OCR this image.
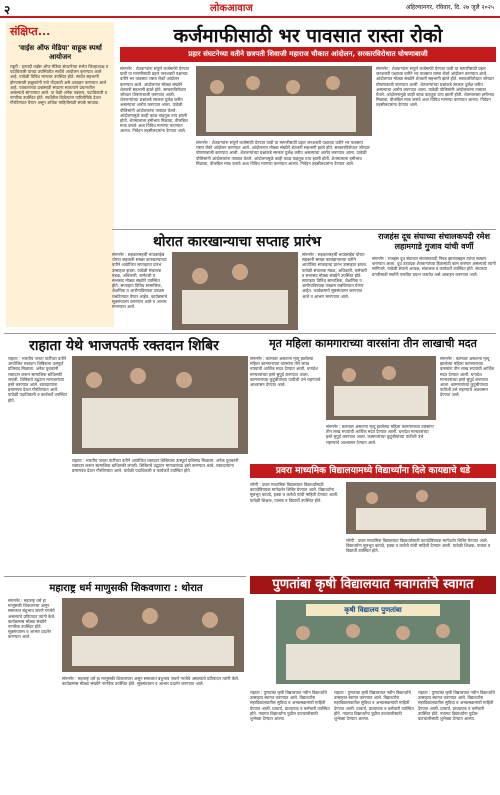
२	लोकआवाज	अहिल्यानगर, रविवार, दि. २७ जुलै २०२५
संक्षिप्त...
'वाईस ऑफ मेडिया' वाहूक स्पर्धा आयोजन
राहुरी : इत्यादी वाईस ऑफ मेडिया संघटनेच्या सभेत जिल्हाध्यक्ष व पदाधिकारी यांच्या उपस्थितीत स्पर्धेचे आयोजन करण्यात आले आहे. यावेळी विविध मान्यवर उपस्थित होते. स्पर्धेत सहभागी होण्यासाठी इच्छुकांनी नावे नोंदवावी असे आवाहन करण्यात आले आहे. पत्रकारांच्या प्रश्नांसाठी संघटना सातत्याने प्रयत्नशील असल्याचे सांगण्यात आले. या वेळी अनेक पत्रकार, पदाधिकारी व नागरिक उपस्थित होते. स्पर्धेतील विजेत्यांना पारितोषिके देऊन गौरविण्यात येणार असून अधिक माहितीसाठी संपर्क साधावा.
कर्जमाफीसाठी भर पावसात रास्ता रोको
प्रहार संघटनेच्या वतीने छत्रपती शिवाजी महाराज चौकात आंदोलन, सरकारविरोधात घोषणाबाजी
संगमनेर : शेतकऱ्यांना संपूर्ण कर्जमाफी देण्यात यावी या मागणीसाठी प्रहार जनशक्ती पक्षाच्या वतीने भर पावसात रास्ता रोको आंदोलन करण्यात आले. आंदोलनात मोठ्या संख्येने शेतकरी सहभागी झाले होते. सरकारविरोधात जोरदार घोषणाबाजी करण्यात आली. शेतकऱ्यांच्या प्रश्नांकडे सरकार दुर्लक्ष करीत असल्याचा आरोप करण्यात आला. यावेळी पोलिसांनी आंदोलकांना ताब्यात घेतले. आंदोलनामुळे काही काळ वाहतूक ठप्प झाली होती. शेतमालाला हमीभाव मिळावा, वीजबिल माफ करावे अशा विविध मागण्या करण्यात आल्या. निवेदन तहसीलदारांना देण्यात आले.
संगमनेर : शेतकऱ्यांना संपूर्ण कर्जमाफी देण्यात यावी या मागणीसाठी प्रहार जनशक्ती पक्षाच्या वतीने भर पावसात रास्ता रोको आंदोलन करण्यात आले. आंदोलनात मोठ्या संख्येने शेतकरी सहभागी झाले होते. सरकारविरोधात जोरदार घोषणाबाजी करण्यात आली. शेतकऱ्यांच्या प्रश्नांकडे सरकार दुर्लक्ष करीत असल्याचा आरोप करण्यात आला. यावेळी पोलिसांनी आंदोलकांना ताब्यात घेतले. आंदोलनामुळे काही काळ वाहतूक ठप्प झाली होती. शेतमालाला हमीभाव मिळावा, वीजबिल माफ करावे अशा विविध मागण्या करण्यात आल्या. निवेदन तहसीलदारांना देण्यात आले.
संगमनेर : शेतकऱ्यांना संपूर्ण कर्जमाफी देण्यात यावी या मागणीसाठी प्रहार जनशक्ती पक्षाच्या वतीने भर पावसात रास्ता रोको आंदोलन करण्यात आले. आंदोलनात मोठ्या संख्येने शेतकरी सहभागी झाले होते. सरकारविरोधात जोरदार घोषणाबाजी करण्यात आली. शेतकऱ्यांच्या प्रश्नांकडे सरकार दुर्लक्ष करीत असल्याचा आरोप करण्यात आला. यावेळी पोलिसांनी आंदोलकांना ताब्यात घेतले. आंदोलनामुळे काही काळ वाहतूक ठप्प झाली होती. शेतमालाला हमीभाव मिळावा, वीजबिल माफ करावे अशा विविध मागण्या करण्यात आल्या. निवेदन तहसीलदारांना देण्यात आले.
थोरात कारखान्याचा सप्ताह प्रारंभ
संगमनेर : सहकारमहर्षी भाऊसाहेब थोरात सहकारी साखर कारखान्याच्या वतीने आयोजित सप्ताहाचा प्रारंभ उत्साहात झाला. यावेळी संचालक मंडळ, अधिकारी, कर्मचारी व सभासद मोठ्या संख्येने उपस्थित होते. सप्ताहात विविध सामाजिक, शैक्षणिक व आरोग्यविषयक उपक्रम राबविण्यात येणार आहेत. कार्यक्रमाचे सूत्रसंचालन करण्यात आले व आभार मानण्यात आले.
संगमनेर : सहकारमहर्षी भाऊसाहेब थोरात सहकारी साखर कारखान्याच्या वतीने आयोजित सप्ताहाचा प्रारंभ उत्साहात झाला. यावेळी संचालक मंडळ, अधिकारी, कर्मचारी व सभासद मोठ्या संख्येने उपस्थित होते. सप्ताहात विविध सामाजिक, शैक्षणिक व आरोग्यविषयक उपक्रम राबविण्यात येणार आहेत. कार्यक्रमाचे सूत्रसंचालन करण्यात आले व आभार मानण्यात आले.
राजहंस दूध संघाच्या संचालकपदी रमेश लहामगाडे गुजाव यांची वर्णी
संगमनेर : राजहंस दूध संघाच्या संचालकपदी निवड झाल्याबद्दल त्यांचा सत्कार करण्यात आला. दूध उत्पादक शेतकऱ्यांच्या हितासाठी काम करणार असल्याचे त्यांनी सांगितले. यावेळी संघाचे अध्यक्ष, संचालक व कार्यकर्ते उपस्थित होते. संघाच्या प्रगतीसाठी सर्वांनी एकत्रित प्रयत्न करावेत असे आवाहन करण्यात आले.
राहाता येथे भाजपतर्फे रक्तदान शिबिर
राहाता : भारतीय जनता पार्टीच्या वतीने आयोजित रक्तदान शिबिराला उत्स्फूर्त प्रतिसाद मिळाला. अनेक युवकांनी रक्तदान करून सामाजिक बांधिलकी जपली. शिबिराचे उद्घाटन मान्यवरांच्या हस्ते करण्यात आले. रक्तदात्यांना प्रमाणपत्र देऊन गौरविण्यात आले. यावेळी पदाधिकारी व कार्यकर्ते उपस्थित होते.
राहाता : भारतीय जनता पार्टीच्या वतीने आयोजित रक्तदान शिबिराला उत्स्फूर्त प्रतिसाद मिळाला. अनेक युवकांनी रक्तदान करून सामाजिक बांधिलकी जपली. शिबिराचे उद्घाटन मान्यवरांच्या हस्ते करण्यात आले. रक्तदात्यांना प्रमाणपत्र देऊन गौरविण्यात आले. यावेळी पदाधिकारी व कार्यकर्ते उपस्थित होते.
मृत महिला कामगाराच्या वारसांना तीन लाखाची मदत
संगमनेर : कामावर असताना मृत्यू झालेल्या महिला कामगाराच्या वारसांना तीन लाख रुपयांची आर्थिक मदत देण्यात आली. धनादेश मान्यवरांच्या हस्ते सुपूर्द करण्यात आला. कामगारांच्या कुटुंबीयांच्या पाठीशी उभे राहण्याचे आश्वासन देण्यात आले.
संगमनेर : कामावर असताना मृत्यू झालेल्या महिला कामगाराच्या वारसांना तीन लाख रुपयांची आर्थिक मदत देण्यात आली. धनादेश मान्यवरांच्या हस्ते सुपूर्द करण्यात आला. कामगारांच्या कुटुंबीयांच्या पाठीशी उभे राहण्याचे आश्वासन देण्यात आले.
संगमनेर : कामावर असताना मृत्यू झालेल्या महिला कामगाराच्या वारसांना तीन लाख रुपयांची आर्थिक मदत देण्यात आली. धनादेश मान्यवरांच्या हस्ते सुपूर्द करण्यात आला. कामगारांच्या कुटुंबीयांच्या पाठीशी उभे राहण्याचे आश्वासन देण्यात आले.
प्रवरा माध्यमिक विद्यालयामध्ये विद्यार्थ्यांना दिले कायद्याचे धडे
लोणी : प्रवरा माध्यमिक विद्यालयात विद्यार्थ्यांसाठी कायदेविषयक मार्गदर्शन शिबिर घेण्यात आले. विद्यार्थ्यांना मूलभूत कायदे, हक्क व कर्तव्ये यांची माहिती देण्यात आली. यावेळी शिक्षक, पालक व विद्यार्थी उपस्थित होते.
लोणी : प्रवरा माध्यमिक विद्यालयात विद्यार्थ्यांसाठी कायदेविषयक मार्गदर्शन शिबिर घेण्यात आले. विद्यार्थ्यांना मूलभूत कायदे, हक्क व कर्तव्ये यांची माहिती देण्यात आली. यावेळी शिक्षक, पालक व विद्यार्थी उपस्थित होते.
महाराष्ट्र धर्म माणुसकी शिकवणारा : थोरात
संगमनेर : महाराष्ट्र धर्म हा माणुसकी शिकवणारा असून समाजात बंधुभाव जपणे गरजेचे असल्याचे प्रतिपादन त्यांनी केले. कार्यक्रमास मोठ्या संख्येने नागरिक उपस्थित होते. सूत्रसंचालन व आभार प्रदर्शन करण्यात आले.
संगमनेर : महाराष्ट्र धर्म हा माणुसकी शिकवणारा असून समाजात बंधुभाव जपणे गरजेचे असल्याचे प्रतिपादन त्यांनी केले. कार्यक्रमास मोठ्या संख्येने नागरिक उपस्थित होते. सूत्रसंचालन व आभार प्रदर्शन करण्यात आले.
पुणतांबा कृषी विद्यालयात नवागतांचे स्वागत
कृषी विद्यालय पुणतांबा
राहाता : पुणतांबा कृषी विद्यालयात नवीन विद्यार्थ्यांचे उत्साहात स्वागत करण्यात आले. विद्यार्थ्यांना महाविद्यालयातील सुविधा व अभ्यासक्रमाची माहिती देण्यात आली. प्राचार्य, प्राध्यापक व कर्मचारी उपस्थित होते. नवागत विद्यार्थ्यांना पुढील वाटचालीसाठी शुभेच्छा देण्यात आल्या.
राहाता : पुणतांबा कृषी विद्यालयात नवीन विद्यार्थ्यांचे उत्साहात स्वागत करण्यात आले. विद्यार्थ्यांना महाविद्यालयातील सुविधा व अभ्यासक्रमाची माहिती देण्यात आली. प्राचार्य, प्राध्यापक व कर्मचारी उपस्थित होते. नवागत विद्यार्थ्यांना पुढील वाटचालीसाठी शुभेच्छा देण्यात आल्या.
राहाता : पुणतांबा कृषी विद्यालयात नवीन विद्यार्थ्यांचे उत्साहात स्वागत करण्यात आले. विद्यार्थ्यांना महाविद्यालयातील सुविधा व अभ्यासक्रमाची माहिती देण्यात आली. प्राचार्य, प्राध्यापक व कर्मचारी उपस्थित होते. नवागत विद्यार्थ्यांना पुढील वाटचालीसाठी शुभेच्छा देण्यात आल्या.
